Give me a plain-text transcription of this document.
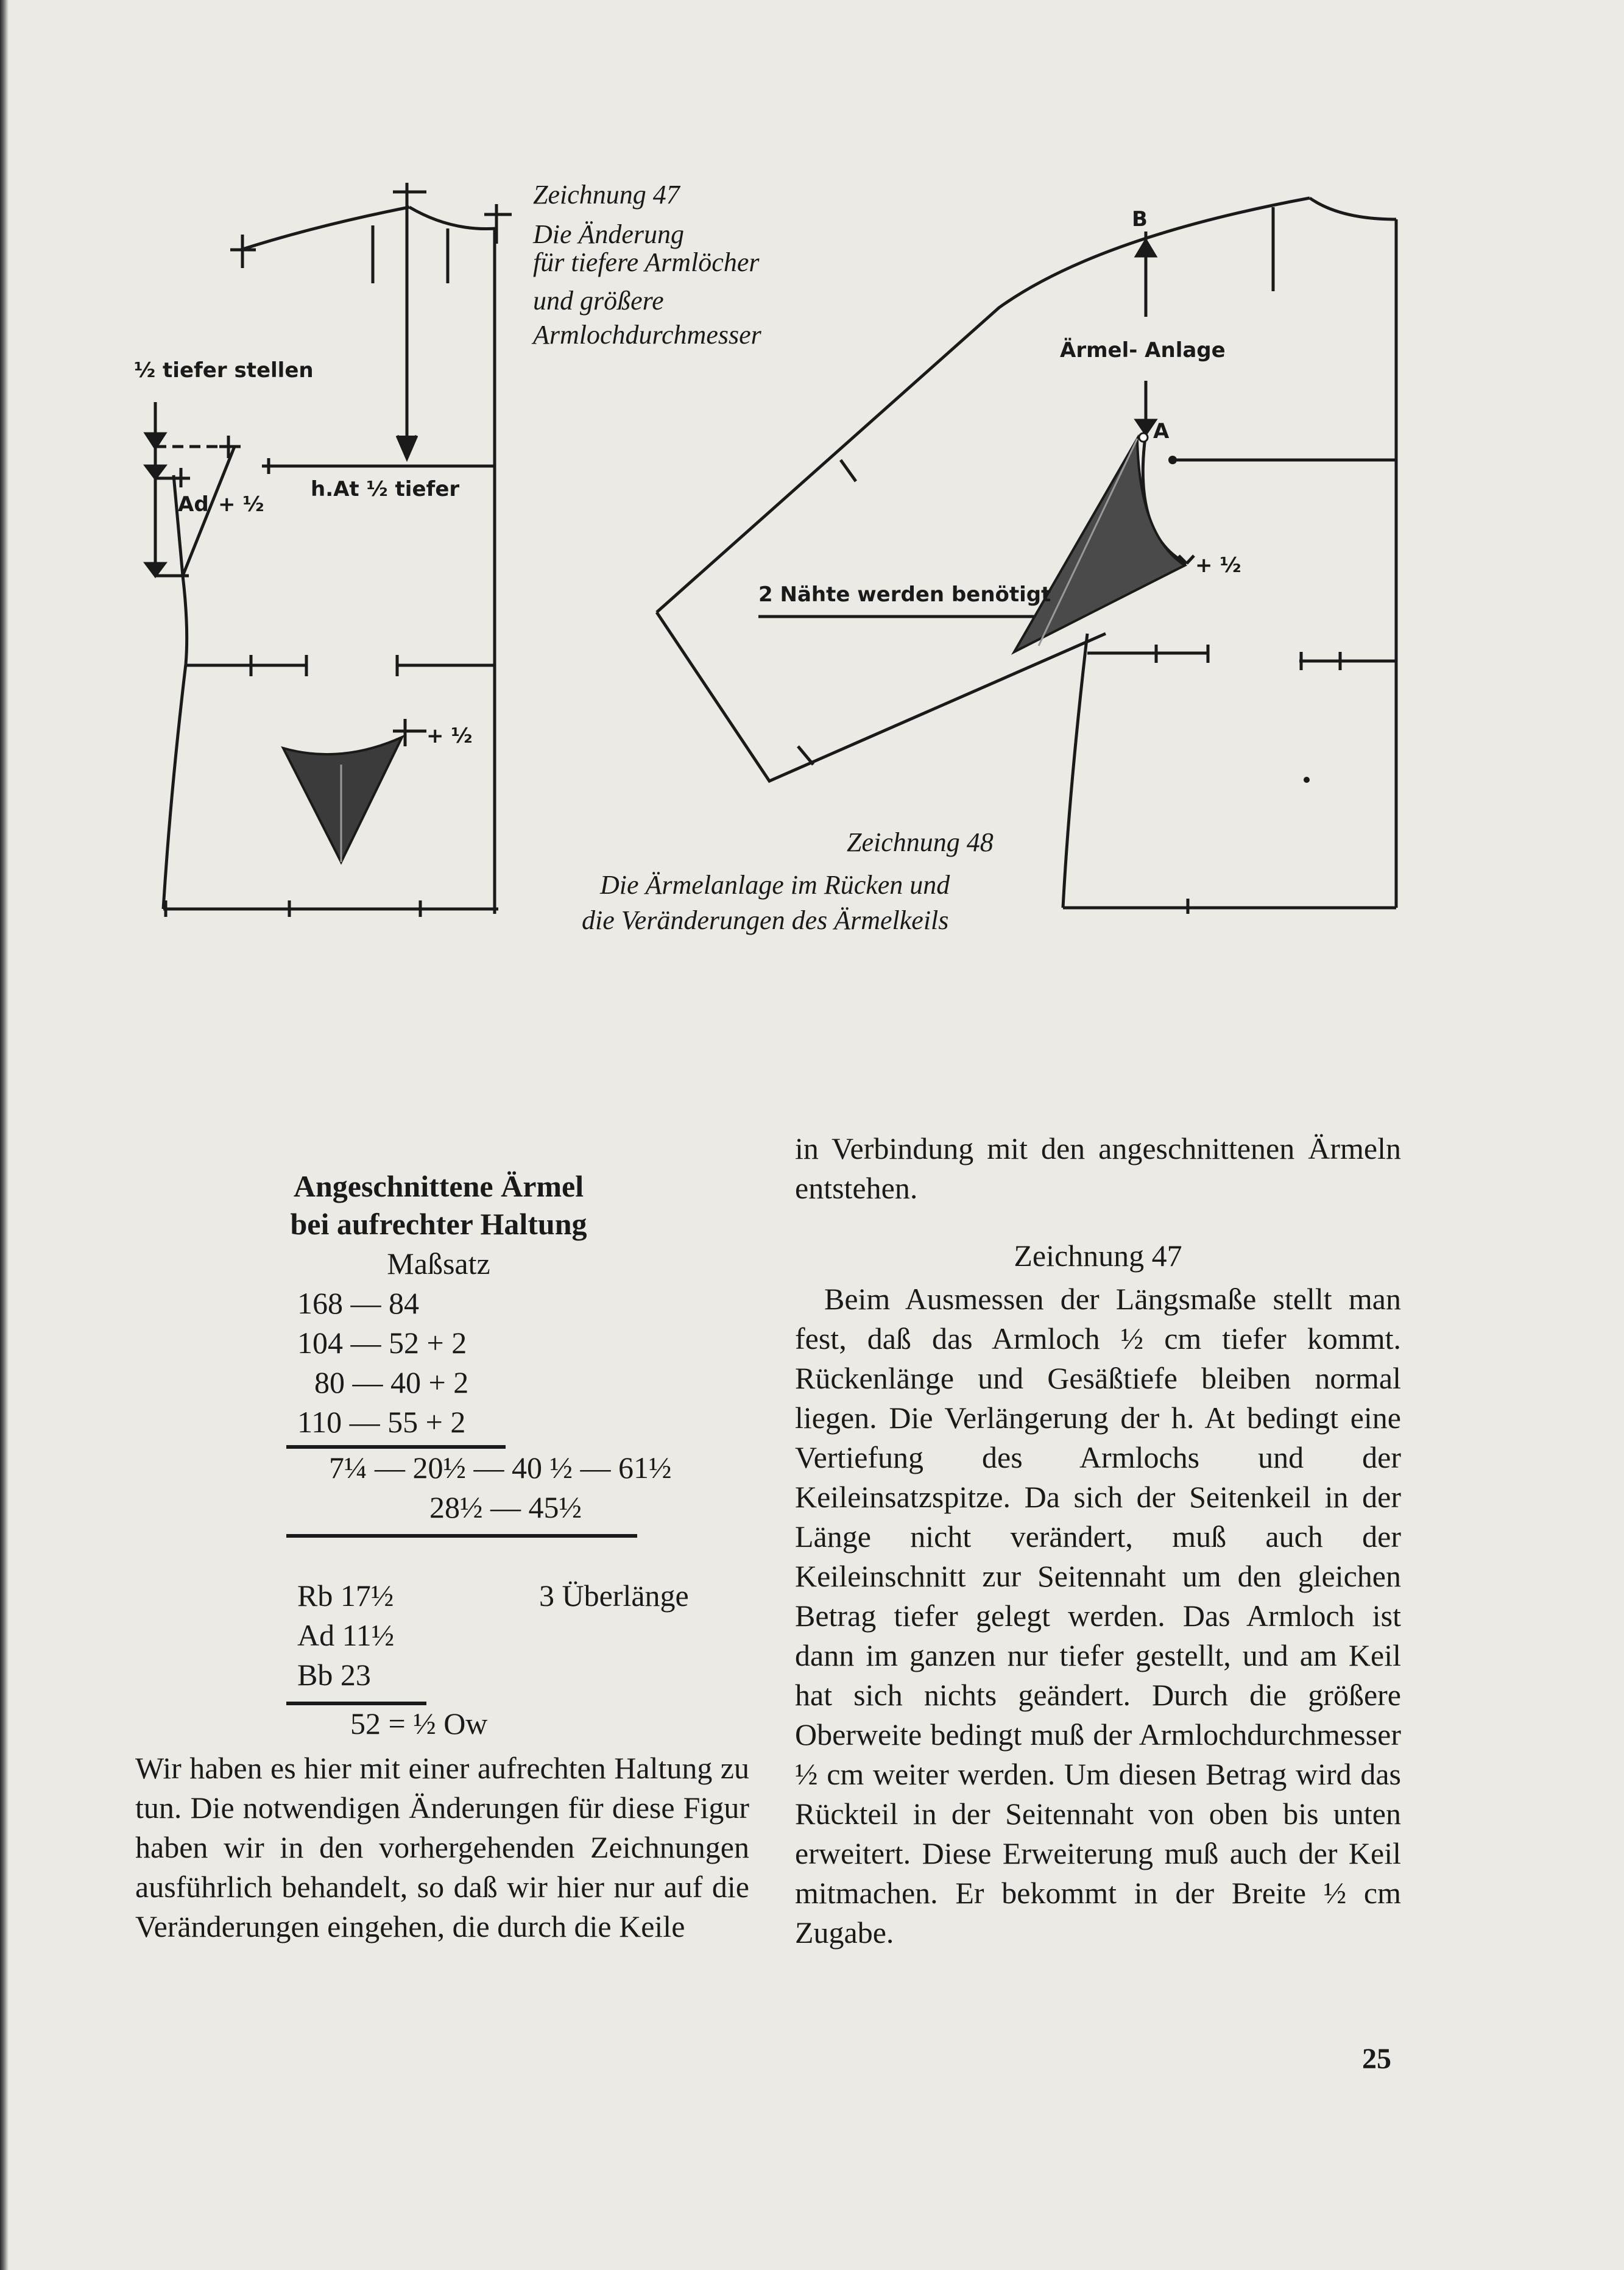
½ tiefer stellen
Ad + ½
h.At ½ tiefer
+ ½
Zeichnung 47
Die Änderung
für tiefere Armlöcher
und größere
Armlochdurchmesser
B
Ärmel- Anlage
A
+ ½
2 Nähte werden benötigt
Zeichnung 48
Die Ärmelanlage im Rücken und
die Veränderungen des Ärmelkeils
Angeschnittene Ärmel
bei aufrechter Haltung
Maßsatz
168 — 84
104 — 52 + 2
80 — 40 + 2
110 — 55 + 2
7¼ — 20½ — 40 ½ — 61½
28½ — 45½
Rb 17½	3 Überlänge
Ad 11½
Bb 23
52 = ½ Ow
Wir haben es hier mit einer aufrechten Haltung zu tun. Die notwendigen Änderungen für diese Figur haben wir in den vorhergehenden Zeichnungen ausführlich behandelt, so daß wir hier nur auf die Veränderungen eingehen, die durch die Keile
in Verbindung mit den angeschnittenen Ärmeln entstehen.
Zeichnung 47
Beim Ausmessen der Längsmaße stellt man fest, daß das Armloch ½ cm tiefer kommt. Rückenlänge und Gesäßtiefe bleiben normal liegen. Die Verlängerung der h. At bedingt eine Vertiefung des Armlochs und der Keileinsatzspitze. Da sich der Seitenkeil in der Länge nicht verändert, muß auch der Keileinschnitt zur Seitennaht um den gleichen Betrag tiefer gelegt werden. Das Armloch ist dann im ganzen nur tiefer gestellt, und am Keil hat sich nichts geändert. Durch die größere Oberweite bedingt muß der Armlochdurchmesser ½ cm weiter werden. Um diesen Betrag wird das Rückteil in der Seitennaht von oben bis unten erweitert. Diese Erweiterung muß auch der Keil mitmachen. Er bekommt in der Breite ½ cm Zugabe.
25
